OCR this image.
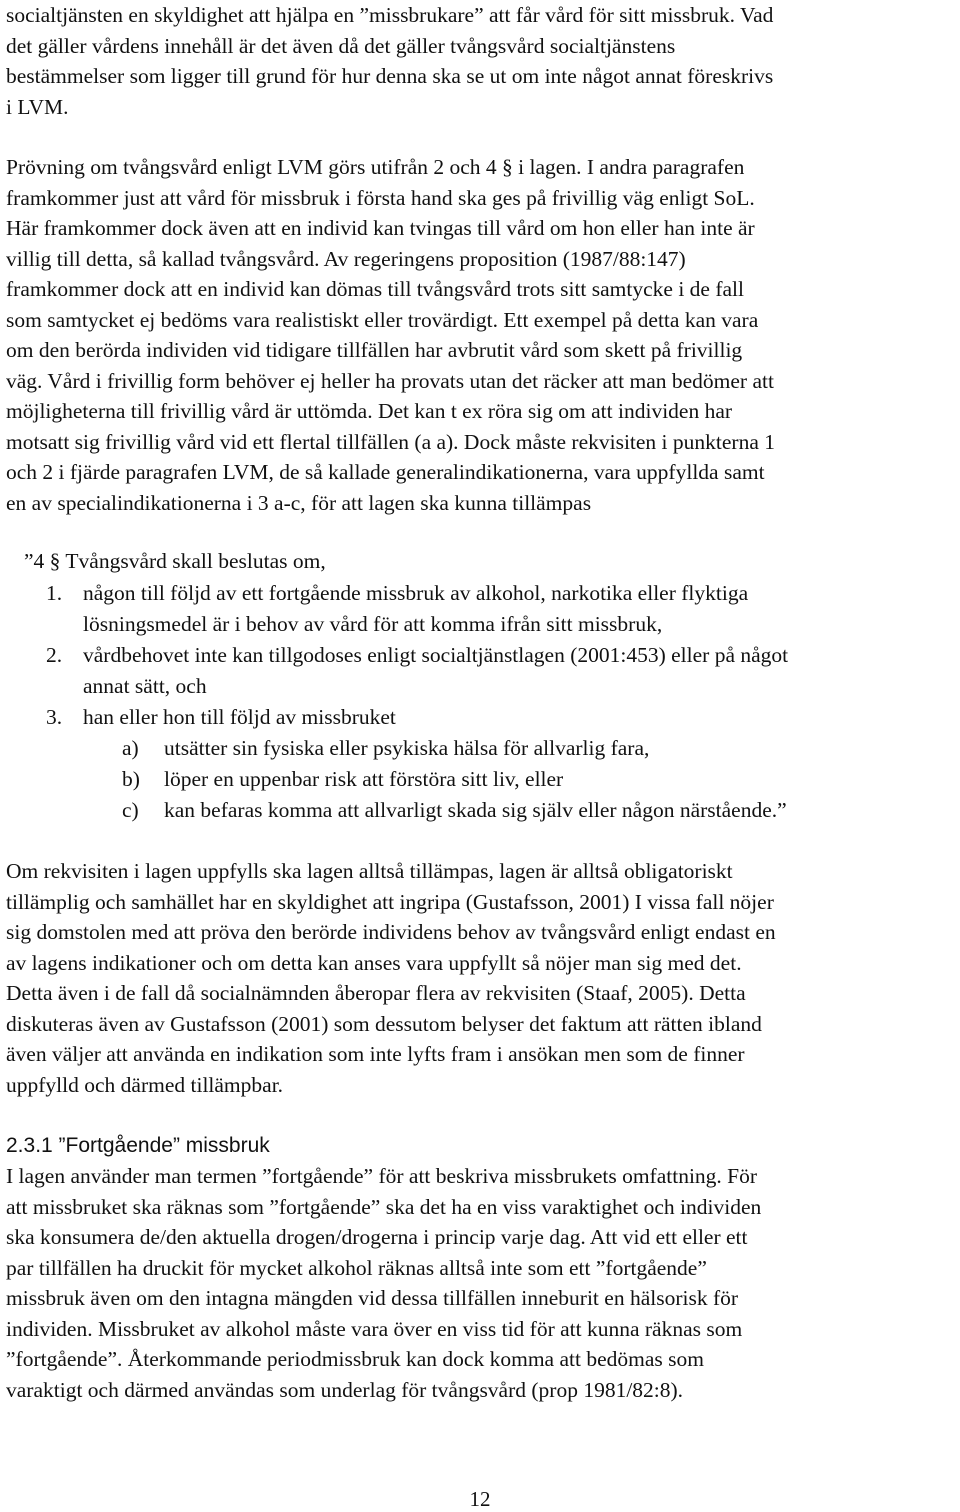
socialtjänsten en skyldighet att hjälpa en ”missbrukare” att får vård för sitt missbruk. Vad
det gäller vårdens innehåll är det även då det gäller tvångsvård socialtjänstens
bestämmelser som ligger till grund för hur denna ska se ut om inte något annat föreskrivs
i LVM.
Prövning om tvångsvård enligt LVM görs utifrån 2 och 4 § i lagen. I andra paragrafen
framkommer just att vård för missbruk i första hand ska ges på frivillig väg enligt SoL.
Här framkommer dock även att en individ kan tvingas till vård om hon eller han inte är
villig till detta, så kallad tvångsvård. Av regeringens proposition (1987/88:147)
framkommer dock att en individ kan dömas till tvångsvård trots sitt samtycke i de fall
som samtycket ej bedöms vara realistiskt eller trovärdigt. Ett exempel på detta kan vara
om den berörda individen vid tidigare tillfällen har avbrutit vård som skett på frivillig
väg. Vård i frivillig form behöver ej heller ha provats utan det räcker att man bedömer att
möjligheterna till frivillig vård är uttömda. Det kan t ex röra sig om att individen har
motsatt sig frivillig vård vid ett flertal tillfällen (a a). Dock måste rekvisiten i punkterna 1
och 2 i fjärde paragrafen LVM, de så kallade generalindikationerna, vara uppfyllda samt
en av specialindikationerna i 3 a-c, för att lagen ska kunna tillämpas
”4 § Tvångsvård skall beslutas om,
1. någon till följd av ett fortgående missbruk av alkohol, narkotika eller flyktiga
lösningsmedel är i behov av vård för att komma ifrån sitt missbruk,
2. vårdbehovet inte kan tillgodoses enligt socialtjänstlagen (2001:453) eller på något
annat sätt, och
3. han eller hon till följd av missbruket
a) utsätter sin fysiska eller psykiska hälsa för allvarlig fara,
b) löper en uppenbar risk att förstöra sitt liv, eller
c) kan befaras komma att allvarligt skada sig själv eller någon närstående.”
Om rekvisiten i lagen uppfylls ska lagen alltså tillämpas, lagen är alltså obligatoriskt
tillämplig och samhället har en skyldighet att ingripa (Gustafsson, 2001) I vissa fall nöjer
sig domstolen med att pröva den berörde individens behov av tvångsvård enligt endast en
av lagens indikationer och om detta kan anses vara uppfyllt så nöjer man sig med det.
Detta även i de fall då socialnämnden åberopar flera av rekvisiten (Staaf, 2005). Detta
diskuteras även av Gustafsson (2001) som dessutom belyser det faktum att rätten ibland
även väljer att använda en indikation som inte lyfts fram i ansökan men som de finner
uppfylld och därmed tillämpbar.
2.3.1 ”Fortgående” missbruk
I lagen använder man termen ”fortgående” för att beskriva missbrukets omfattning. För
att missbruket ska räknas som ”fortgående” ska det ha en viss varaktighet och individen
ska konsumera de/den aktuella drogen/drogerna i princip varje dag. Att vid ett eller ett
par tillfällen ha druckit för mycket alkohol räknas alltså inte som ett ”fortgående”
missbruk även om den intagna mängden vid dessa tillfällen inneburit en hälsorisk för
individen. Missbruket av alkohol måste vara över en viss tid för att kunna räknas som
”fortgående”. Återkommande periodmissbruk kan dock komma att bedömas som
varaktigt och därmed användas som underlag för tvångsvård (prop 1981/82:8).
12
